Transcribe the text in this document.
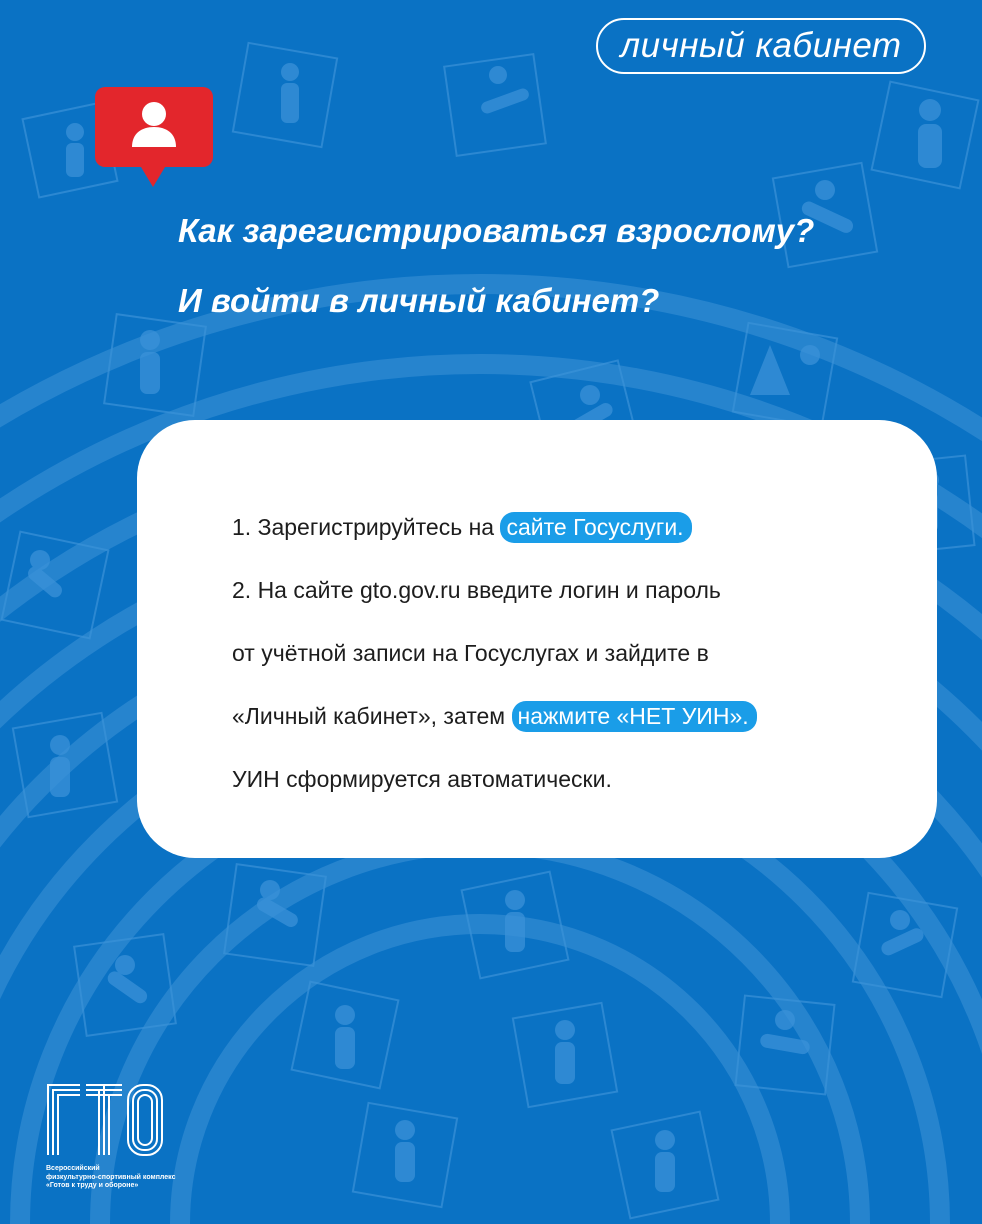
личный кабинет
Как зарегистрироваться взрослому?
И войти в личный кабинет?
1. Зарегистрируйтесь на сайте Госуслуги.
2. На сайте gto.gov.ru введите логин и пароль
от учётной записи на Госуслугах и зайдите в
«Личный кабинет», затем нажмите «НЕТ УИН».
УИН сформируется автоматически.
Всероссийский
физкультурно-спортивный комплекс
«Готов к труду и обороне»
